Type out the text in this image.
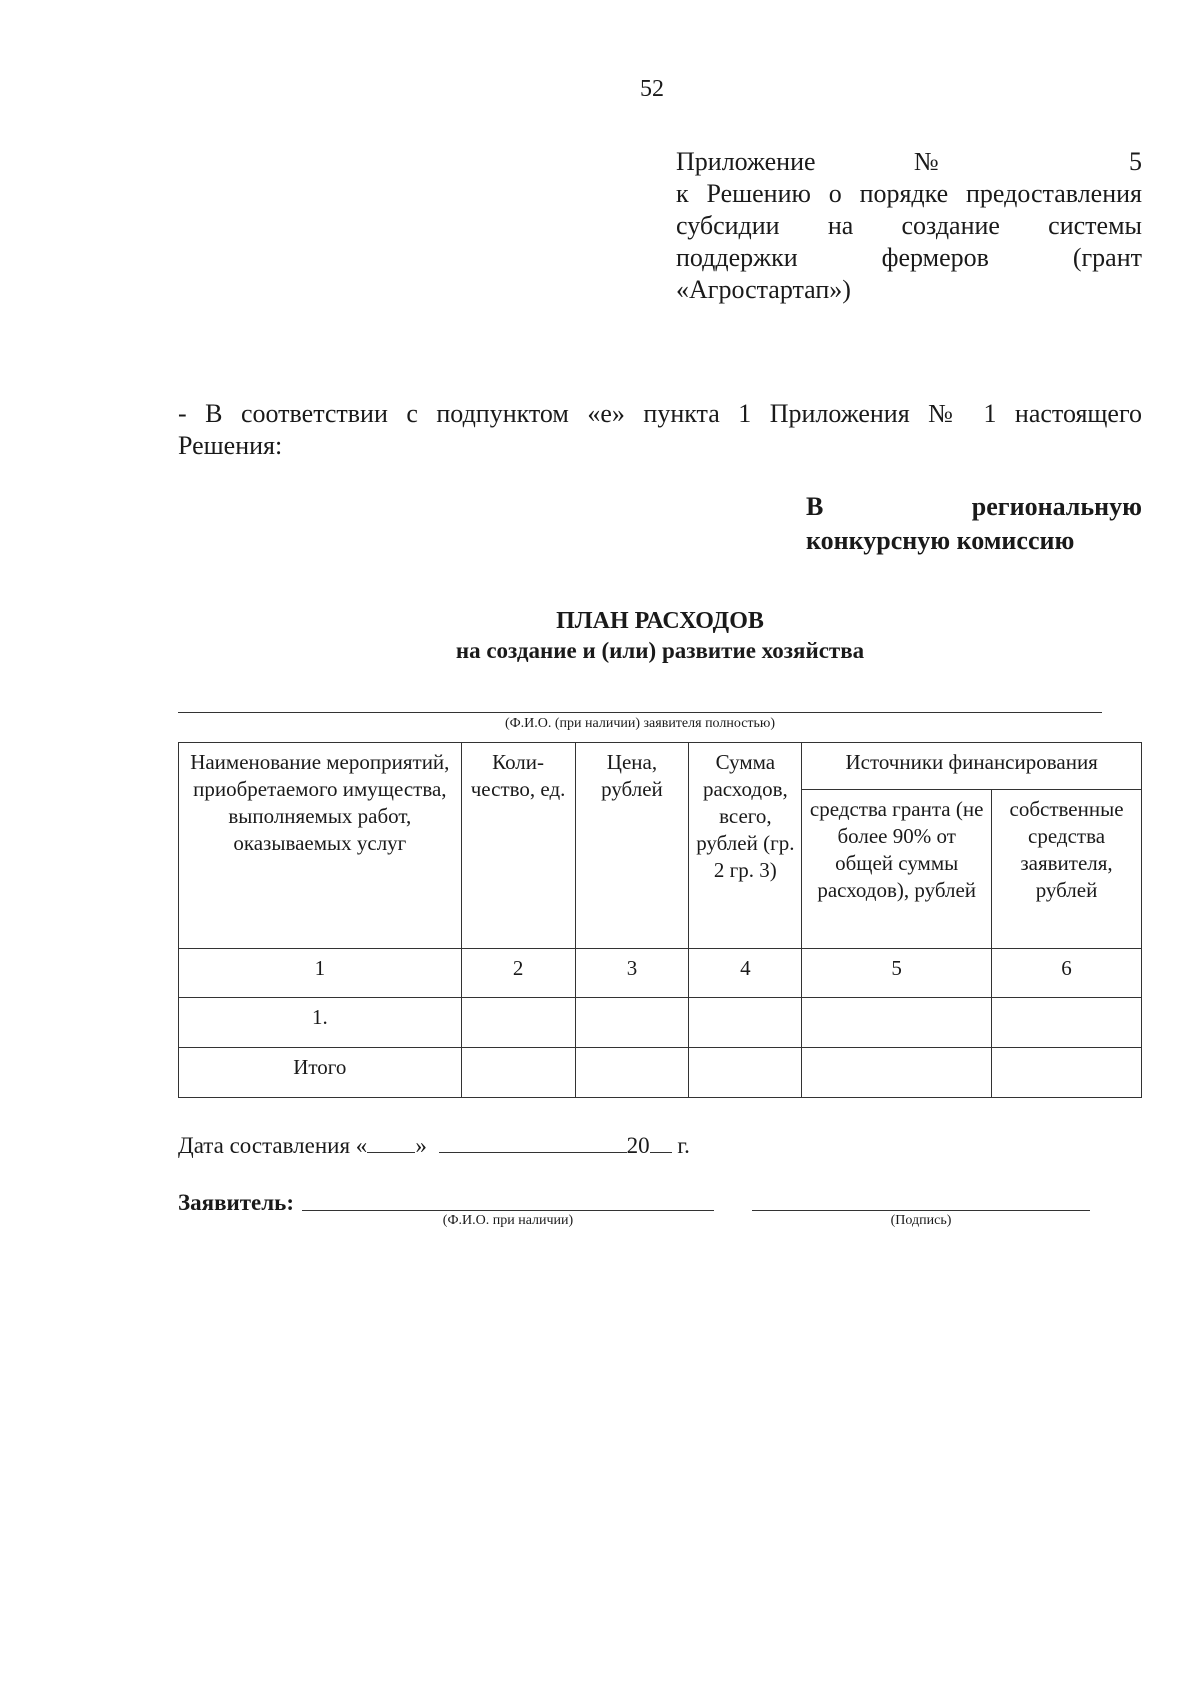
52
Приложение № 5
к Решению о порядке предоставления
субсидии на создание системы
поддержки фермеров (грант
«Агростартап»)
- В соответствии с подпунктом «е» пункта 1 Приложения № 1 настоящего
Решения:
В региональную
конкурсную комиссию
ПЛАН РАСХОДОВ
на создание и (или) развитие хозяйства
(Ф.И.О. (при наличии) заявителя полностью)
Наименование мероприятий, приобретаемого имущества, выполняемых работ, оказываемых услуг	Коли-чество, ед.	Цена, рублей	Сумма расходов, всего, рублей (гр. 2 гр. 3)	Источники финансирования	
				средства гранта (не более 90% от общей суммы расходов), рублей	собственные средства заявителя, рублей
1	2	3	4	5	6
1.					
Итого					
Дата составления « »	20 г.
Заявитель:
(Ф.И.О. при наличии)	(Подпись)
